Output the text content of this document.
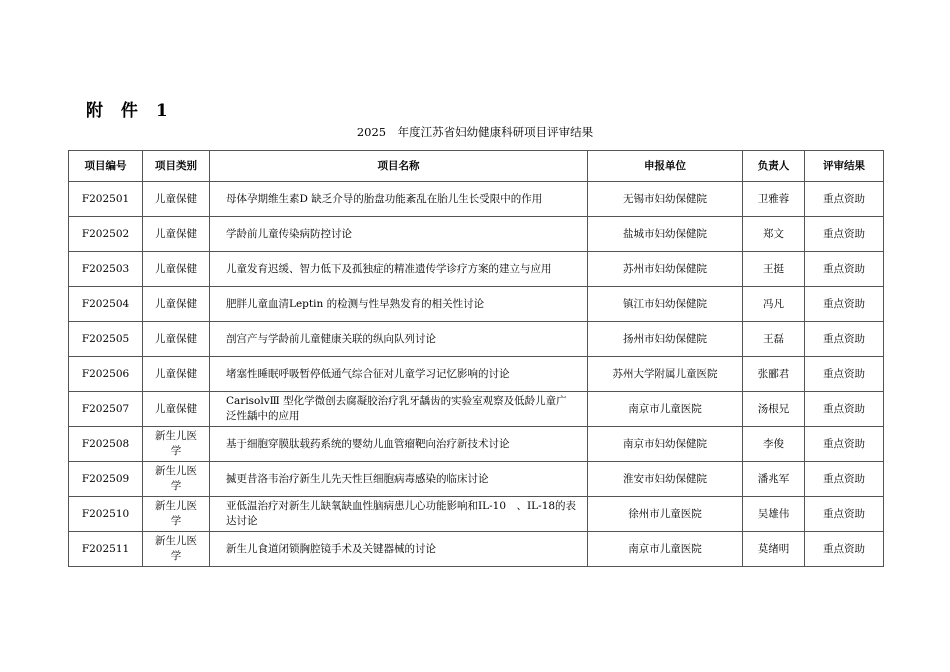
附 件 1
2025　年度江苏省妇幼健康科研项目评审结果
项目编号	项目类别	项目名称	申报单位	负责人	评审结果
F202501	儿童保健	母体孕期维生素D 缺乏介导的胎盘功能紊乱在胎儿生长受限中的作用	无锡市妇幼保健院	卫雅蓉	重点资助
F202502	儿童保健	学龄前儿童传染病防控讨论	盐城市妇幼保健院	郑文	重点资助
F202503	儿童保健	儿童发育迟缓、智力低下及孤独症的精准遗传学诊疗方案的建立与应用	苏州市妇幼保健院	王挺	重点资助
F202504	儿童保健	肥胖儿童血清Leptin 的检测与性早熟发育的相关性讨论	镇江市妇幼保健院	冯凡	重点资助
F202505	儿童保健	剖宫产与学龄前儿童健康关联的纵向队列讨论	扬州市妇幼保健院	王磊	重点资助
F202506	儿童保健	堵塞性睡眠呼吸暂停低通气综合征对儿童学习记忆影响的讨论	苏州大学附属儿童医院	张郦君	重点资助
F202507	儿童保健	CarisolvⅢ 型化学微创去腐凝胶治疗乳牙龋齿的实验室观察及低龄儿童广泛性龋中的应用	南京市儿童医院	汤根兄	重点资助
F202508	新生儿医学	基于细胞穿膜肽载药系统的婴幼儿血管瘤靶向治疗新技术讨论	南京市妇幼保健院	李俊	重点资助
F202509	新生儿医学	揻更昔洛韦治疗新生儿先天性巨细胞病毒感染的临床讨论	淮安市妇幼保健院	潘兆军	重点资助
F202510	新生儿医学	亚低温治疗对新生儿缺氧缺血性脑病患儿心功能影响和IL-10　、IL-18的表达讨论	徐州市儿童医院	吴雄伟	重点资助
F202511	新生儿医学	新生儿食道闭锁胸腔镜手术及关键器械的讨论	南京市儿童医院	莫绪明	重点资助
